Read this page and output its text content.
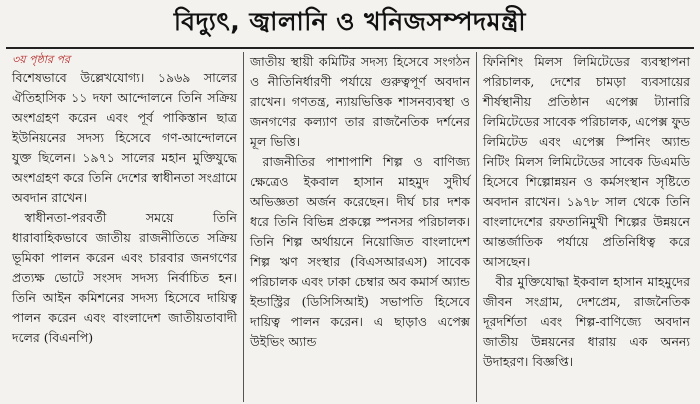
বিদ্যুৎ, জ্বালানি ও খনিজসম্পদমন্ত্রী

৩য় পৃষ্ঠার পর

বিশেষভাবে উল্লেখযোগ্য। ১৯৬৯ সালের ঐতিহাসিক ১১ দফা আন্দোলনে তিনি সক্রিয় অংশগ্রহণ করেন এবং পূর্ব পাকিস্তান ছাত্র ইউনিয়নের সদস্য হিসেবে গণ-আন্দোলনে যুক্ত ছিলেন। ১৯৭১ সালের মহান মুক্তিযুদ্ধে অংশগ্রহণ করে তিনি দেশের স্বাধীনতা সংগ্রামে অবদান রাখেন।

স্বাধীনতা-পরবর্তী সময়ে তিনি ধারাবাহিকভাবে জাতীয় রাজনীতিতে সক্রিয় ভূমিকা পালন করেন এবং চারবার জনগণের প্রত্যক্ষ ভোটে সংসদ সদস্য নির্বাচিত হন। তিনি আইন কমিশনের সদস্য হিসেবে দায়িত্ব পালন করেন এবং বাংলাদেশ জাতীয়তাবাদী দলের (বিএনপি)

জাতীয় স্থায়ী কমিটির সদস্য হিসেবে সংগঠন ও নীতিনির্ধারণী পর্যায়ে গুরুত্বপূর্ণ অবদান রাখেন। গণতন্ত্র, ন্যায়ভিত্তিক শাসনব্যবস্থা ও জনগণের কল্যাণ তার রাজনৈতিক দর্শনের মূল ভিত্তি।

রাজনীতির পাশাপাশি শিল্প ও বাণিজ্য ক্ষেত্রেও ইকবাল হাসান মাহমুদ সুদীর্ঘ অভিজ্ঞতা অর্জন করেছেন। দীর্ঘ চার দশক ধরে তিনি বিভিন্ন প্রকল্পে স্পনসর পরিচালক। তিনি শিল্প অর্থায়নে নিয়োজিত বাংলাদেশ শিল্প ঋণ সংস্থার (বিএসআরএস) সাবেক পরিচালক এবং ঢাকা চেম্বার অব কমার্স অ্যান্ড ইন্ডাস্ট্রির (ডিসিসিআই) সভাপতি হিসেবে দায়িত্ব পালন করেন। এ ছাড়াও এপেক্স উইভিং অ্যান্ড

ফিনিশিং মিলস লিমিটেডের ব্যবস্থাপনা পরিচালক, দেশের চামড়া ব্যবসায়ের শীর্ষস্থানীয় প্রতিষ্ঠান এপেক্স ট্যানারি লিমিটেডের সাবেক পরিচালক, এপেক্স ফুড লিমিটেড এবং এপেক্স স্পিনিং অ্যান্ড নিটিং মিলস লিমিটেডের সাবেক ডিএমডি হিসেবে শিল্পোন্নয়ন ও কর্মসংস্থান সৃষ্টিতে অবদান রাখেন। ১৯৭৮ সাল থেকে তিনি বাংলাদেশের রফতানিমুখী শিল্পের উন্নয়নে আন্তর্জাতিক পর্যায়ে প্রতিনিধিত্ব করে আসছেন।

বীর মুক্তিযোদ্ধা ইকবাল হাসান মাহমুদের জীবন সংগ্রাম, দেশপ্রেম, রাজনৈতিক দূরদর্শিতা এবং শিল্প-বাণিজ্যে অবদান জাতীয় উন্নয়নের ধারায় এক অনন্য উদাহরণ। বিজ্ঞপ্তি।
